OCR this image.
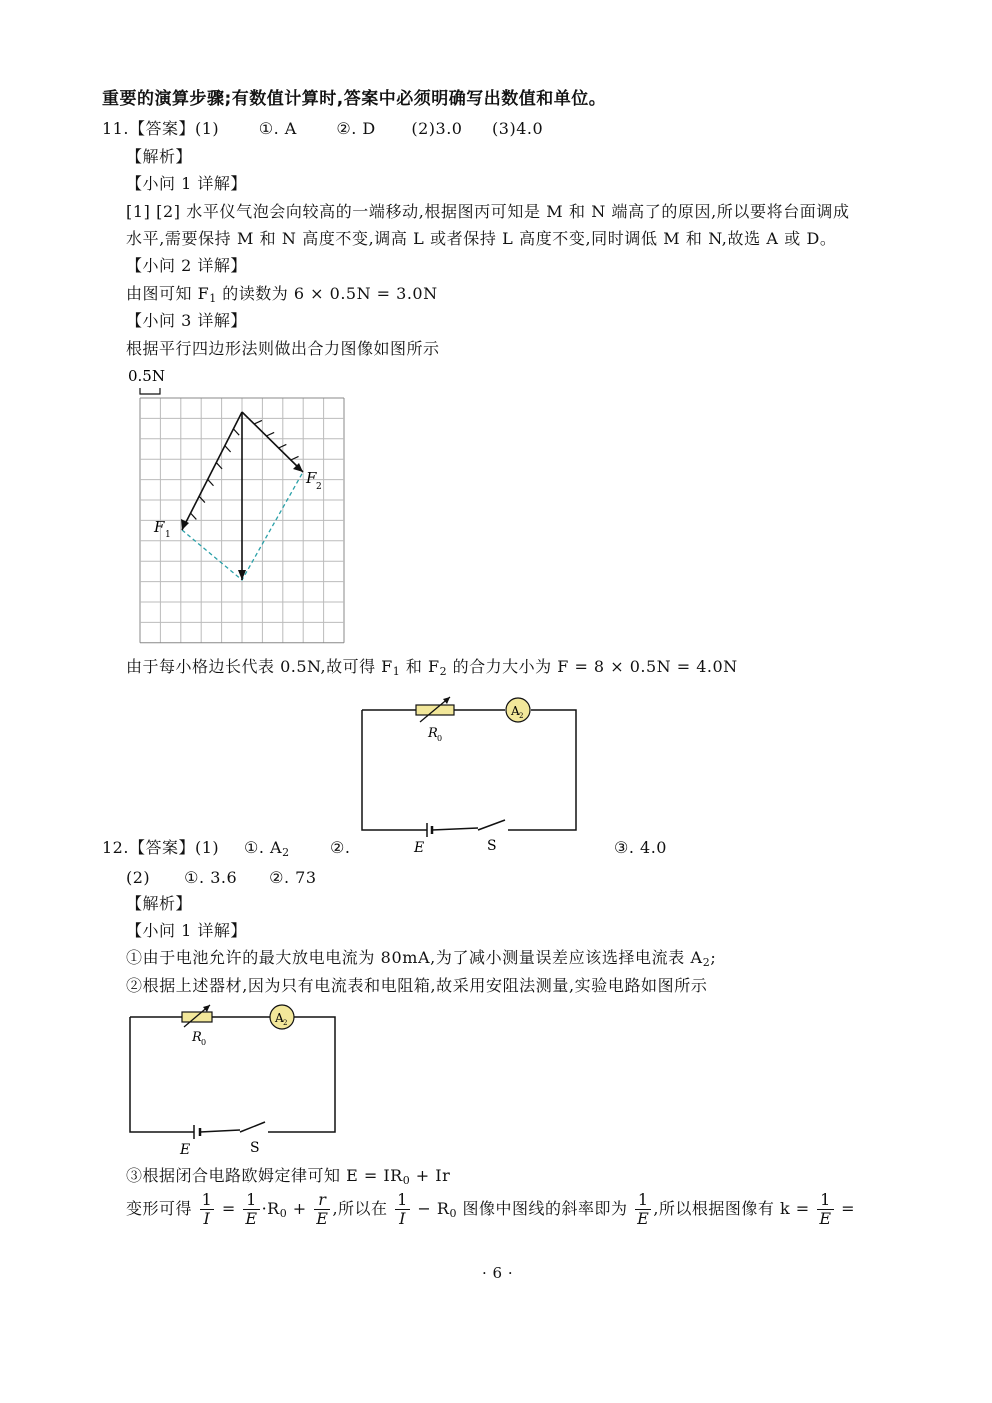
重要的演算步骤;有数值计算时,答案中必须明确写出数值和单位。
11.【答案】(1) ①. A ②. D (2)3.0 (3)4.0
【解析】
【小问 1 详解】
[1] [2] 水平仪气泡会向较高的一端移动,根据图丙可知是 M 和 N 端高了的原因,所以要将台面调成
水平,需要保持 M 和 N 高度不变,调高 L 或者保持 L 高度不变,同时调低 M 和 N,故选 A 或 D。
【小问 2 详解】
由图可知 $F_1$ 的读数为 6 × 0.5N = 3.0N
【小问 3 详解】
根据平行四边形法则做出合力图像如图所示
0.5N
F 1
F 2
由于每小格边长代表 0.5N,故可得 $F_1$ 和 $F_2$ 的合力大小为 F = 8 × 0.5N = 4.0N
R 0
A 2
E	S
12.【答案】(1) ①. $A_2$	②.	③. 4.0
(2) ①. 3.6 ②. 73
【解析】
【小问 1 详解】
①由于电池允许的最大放电电流为 80mA,为了减小测量误差应该选择电流表 $A_2$;
②根据上述器材,因为只有电流表和电阻箱,故采用安阻法测量,实验电路如图所示
R 0
A 2
E	S
③根据闭合电路欧姆定律可知 $E = IR_0 + Ir$
变形可得 $\frac{1}{I} = \frac{1}{E} \cdot R_0 + \frac{r}{E}$ ,所以在 $\frac{1}{I} - R_0$ 图像中图线的斜率即为 $\frac{1}{E}$ ,所以根据图像有 $k = \frac{1}{E}$ =
· 6 ·
